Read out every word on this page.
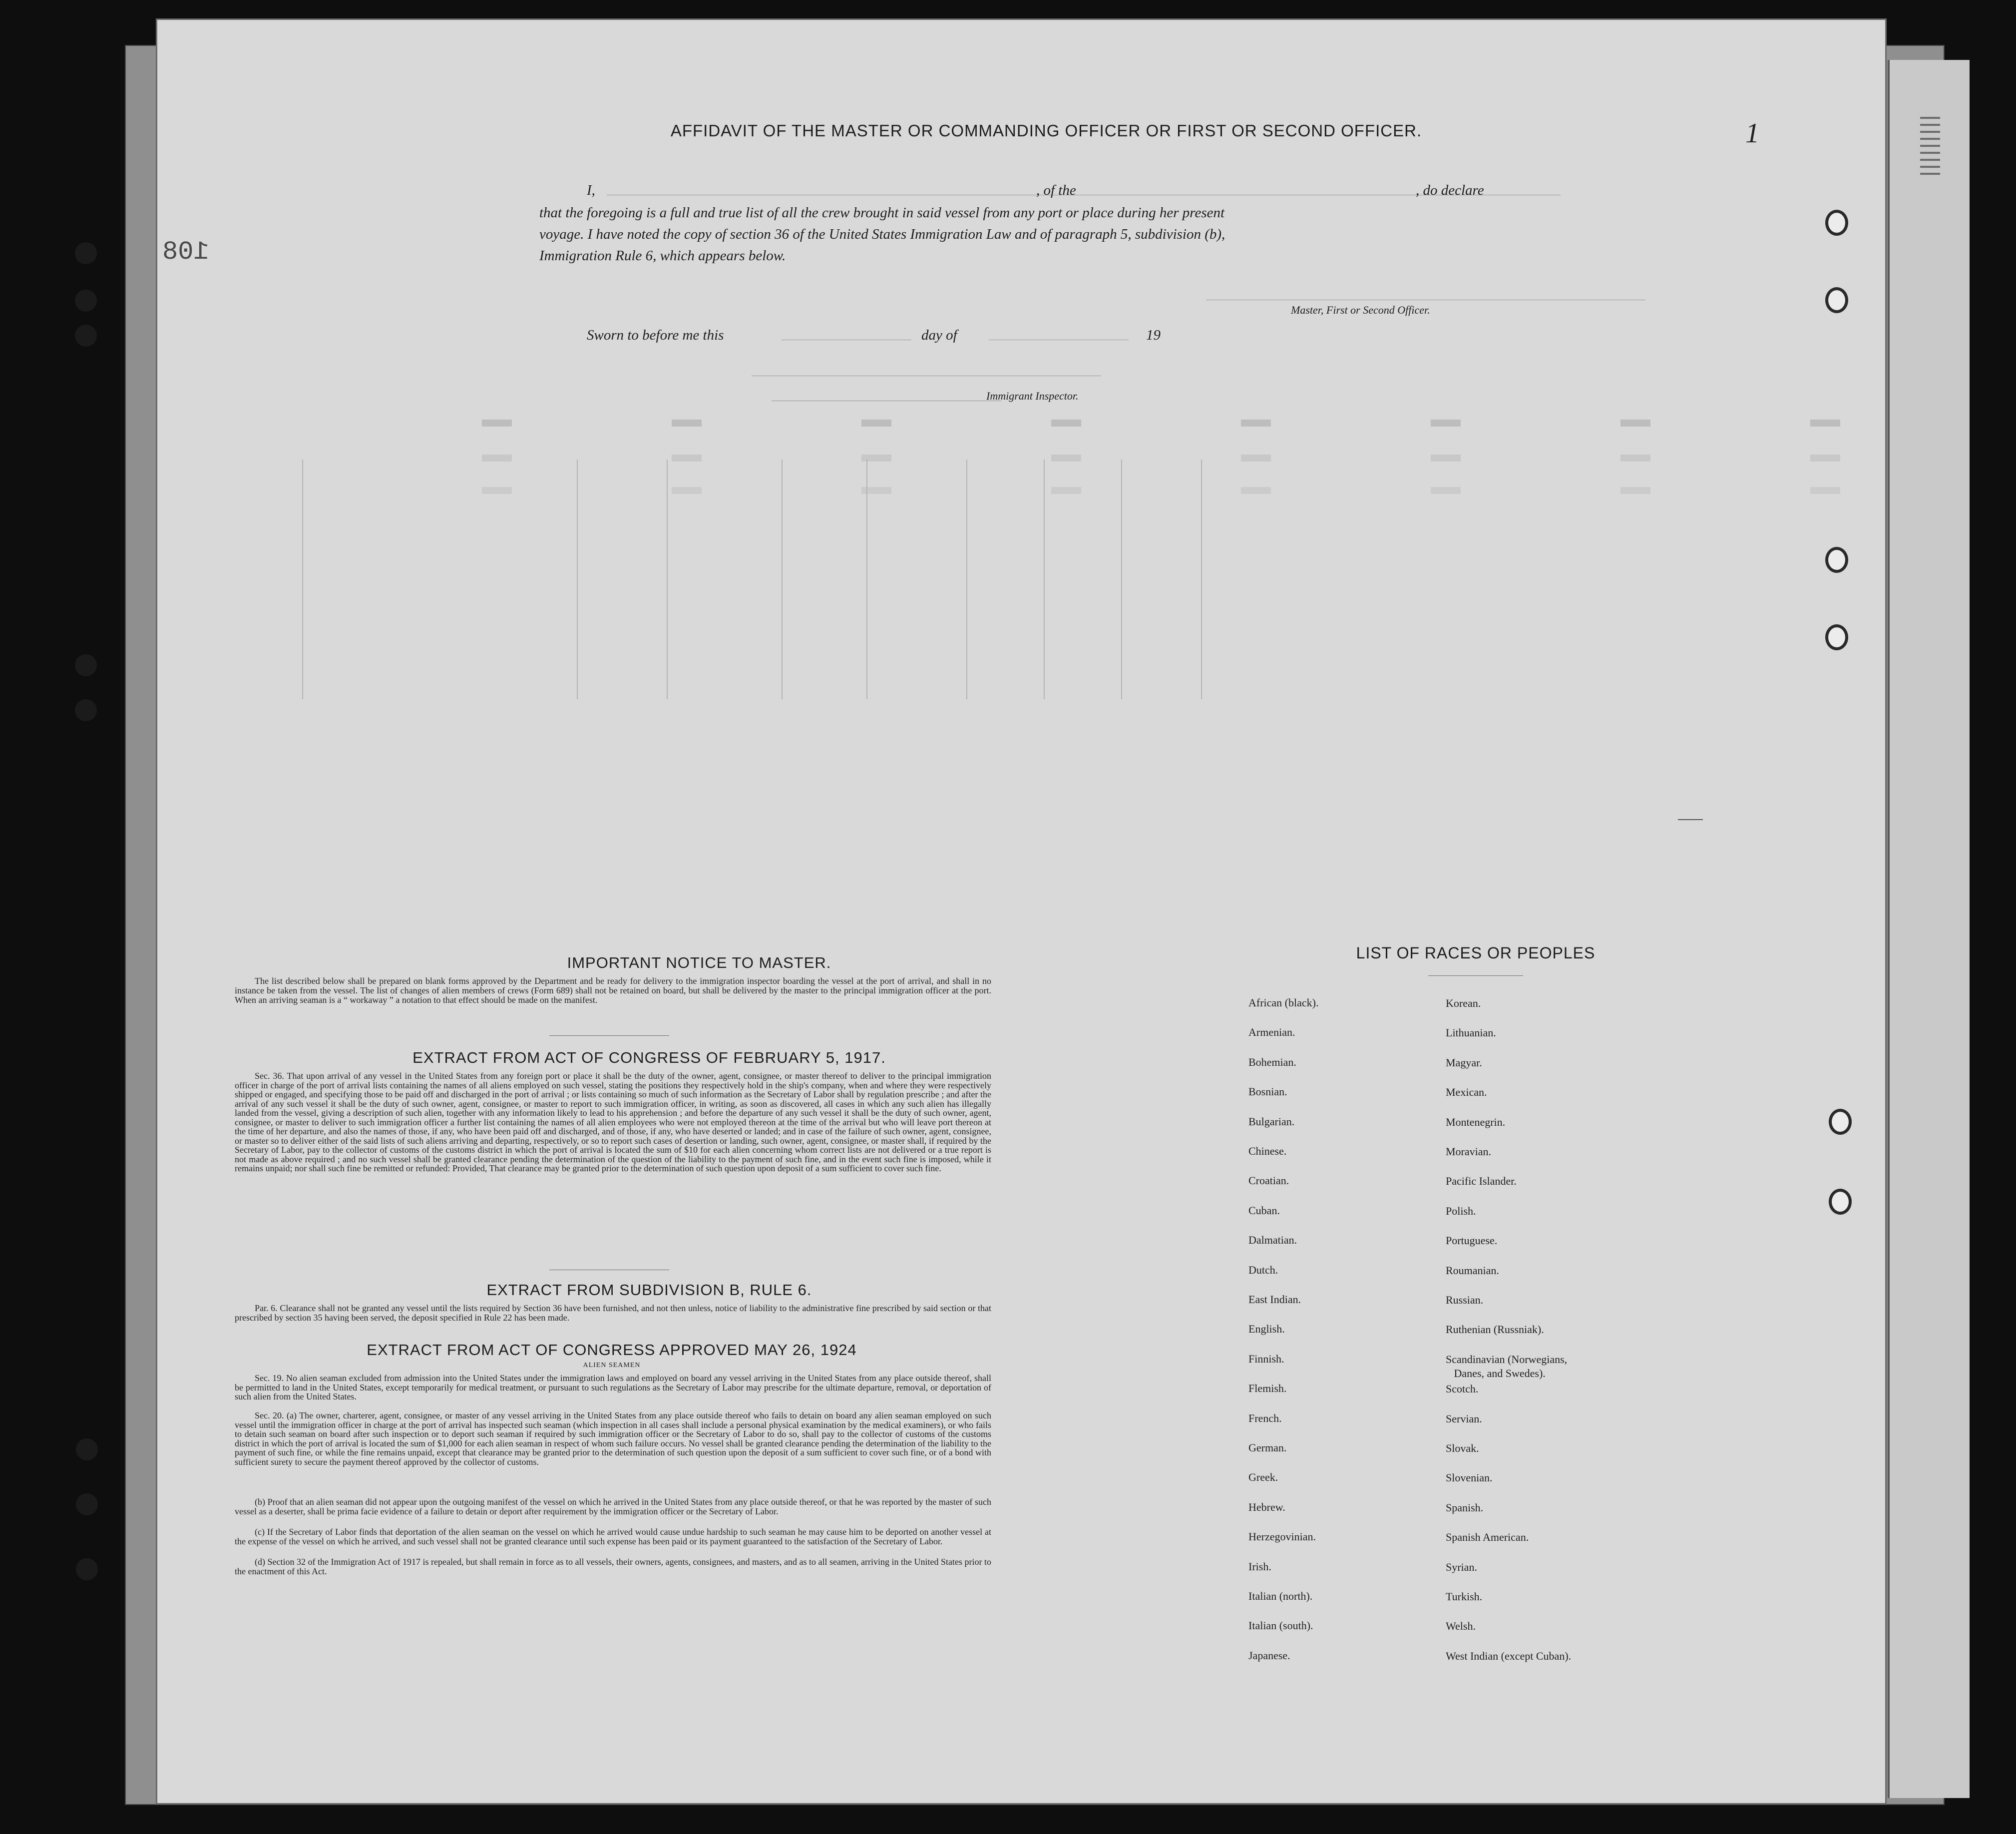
1
108
AFFIDAVIT OF THE MASTER OR COMMANDING OFFICER OR FIRST OR SECOND OFFICER.
I,	, of the	, do declare
that the foregoing is a full and true list of all the crew brought in said vessel from any port or place during her present
voyage. I have noted the copy of section 36 of the United States Immigration Law and of paragraph 5, subdivision (b),
Immigration Rule 6, which appears below.
Master, First or Second Officer.
Sworn to before me this	day of	19
Immigrant Inspector.
IMPORTANT NOTICE TO MASTER.
The list described below shall be prepared on blank forms approved by the Department and be ready for delivery to the immigration inspector boarding the vessel at the port of arrival, and shall in no instance be taken from the vessel. The list of changes of alien members of crews (Form 689) shall not be retained on board, but shall be delivered by the master to the principal immigration officer at the port. When an arriving seaman is a “ workaway ” a notation to that effect should be made on the manifest.
EXTRACT FROM ACT OF CONGRESS OF FEBRUARY 5, 1917.
Sec. 36. That upon arrival of any vessel in the United States from any foreign port or place it shall be the duty of the owner, agent, consignee, or master thereof to deliver to the principal immigration officer in charge of the port of arrival lists containing the names of all aliens employed on such vessel, stating the positions they respectively hold in the ship's company, when and where they were respectively shipped or engaged, and specifying those to be paid off and discharged in the port of arrival ; or lists containing so much of such information as the Secretary of Labor shall by regulation prescribe ; and after the arrival of any such vessel it shall be the duty of such owner, agent, consignee, or master to report to such immigration officer, in writing, as soon as discovered, all cases in which any such alien has illegally landed from the vessel, giving a description of such alien, together with any information likely to lead to his apprehension ; and before the departure of any such vessel it shall be the duty of such owner, agent, consignee, or master to deliver to such immigration officer a further list containing the names of all alien employees who were not employed thereon at the time of the arrival but who will leave port thereon at the time of her departure, and also the names of those, if any, who have been paid off and discharged, and of those, if any, who have deserted or landed; and in case of the failure of such owner, agent, consignee, or master so to deliver either of the said lists of such aliens arriving and departing, respectively, or so to report such cases of desertion or landing, such owner, agent, consignee, or master shall, if required by the Secretary of Labor, pay to the collector of customs of the customs district in which the port of arrival is located the sum of $10 for each alien concerning whom correct lists are not delivered or a true report is not made as above required ; and no such vessel shall be granted clearance pending the determination of the question of the liability to the payment of such fine, and in the event such fine is imposed, while it remains unpaid; nor shall such fine be remitted or refunded: Provided, That clearance may be granted prior to the determination of such question upon deposit of a sum sufficient to cover such fine.
EXTRACT FROM SUBDIVISION B, RULE 6.
Par. 6. Clearance shall not be granted any vessel until the lists required by Section 36 have been furnished, and not then unless, notice of liability to the administrative fine prescribed by said section or that prescribed by section 35 having been served, the deposit specified in Rule 22 has been made.
EXTRACT FROM ACT OF CONGRESS APPROVED MAY 26, 1924
ALIEN SEAMEN
Sec. 19. No alien seaman excluded from admission into the United States under the immigration laws and employed on board any vessel arriving in the United States from any place outside thereof, shall be permitted to land in the United States, except temporarily for medical treatment, or pursuant to such regulations as the Secretary of Labor may prescribe for the ultimate departure, removal, or deportation of such alien from the United States.
Sec. 20. (a) The owner, charterer, agent, consignee, or master of any vessel arriving in the United States from any place outside thereof who fails to detain on board any alien seaman employed on such vessel until the immigration officer in charge at the port of arrival has inspected such seaman (which inspection in all cases shall include a personal physical examination by the medical examiners), or who fails to detain such seaman on board after such inspection or to deport such seaman if required by such immigration officer or the Secretary of Labor to do so, shall pay to the collector of customs of the customs district in which the port of arrival is located the sum of $1,000 for each alien seaman in respect of whom such failure occurs. No vessel shall be granted clearance pending the determination of the liability to the payment of such fine, or while the fine remains unpaid, except that clearance may be granted prior to the determination of such question upon the deposit of a sum sufficient to cover such fine, or of a bond with sufficient surety to secure the payment thereof approved by the collector of customs.
(b) Proof that an alien seaman did not appear upon the outgoing manifest of the vessel on which he arrived in the United States from any place outside thereof, or that he was reported by the master of such vessel as a deserter, shall be prima facie evidence of a failure to detain or deport after requirement by the immigration officer or the Secretary of Labor.
(c) If the Secretary of Labor finds that deportation of the alien seaman on the vessel on which he arrived would cause undue hardship to such seaman he may cause him to be deported on another vessel at the expense of the vessel on which he arrived, and such vessel shall not be granted clearance until such expense has been paid or its payment guaranteed to the satisfaction of the Secretary of Labor.
(d) Section 32 of the Immigration Act of 1917 is repealed, but shall remain in force as to all vessels, their owners, agents, consignees, and masters, and as to all seamen, arriving in the United States prior to the enactment of this Act.
LIST OF RACES OR PEOPLES
African (black).
Armenian.
Bohemian.
Bosnian.
Bulgarian.
Chinese.
Croatian.
Cuban.
Dalmatian.
Dutch.
East Indian.
English.
Finnish.
Flemish.
French.
German.
Greek.
Hebrew.
Herzegovinian.
Irish.
Italian (north).
Italian (south).
Japanese.
Korean.
Lithuanian.
Magyar.
Mexican.
Montenegrin.
Moravian.
Pacific Islander.
Polish.
Portuguese.
Roumanian.
Russian.
Ruthenian (Russniak).
Scandinavian (Norwegians,
Danes, and Swedes).
Scotch.
Servian.
Slovak.
Slovenian.
Spanish.
Spanish American.
Syrian.
Turkish.
Welsh.
West Indian (except Cuban).
